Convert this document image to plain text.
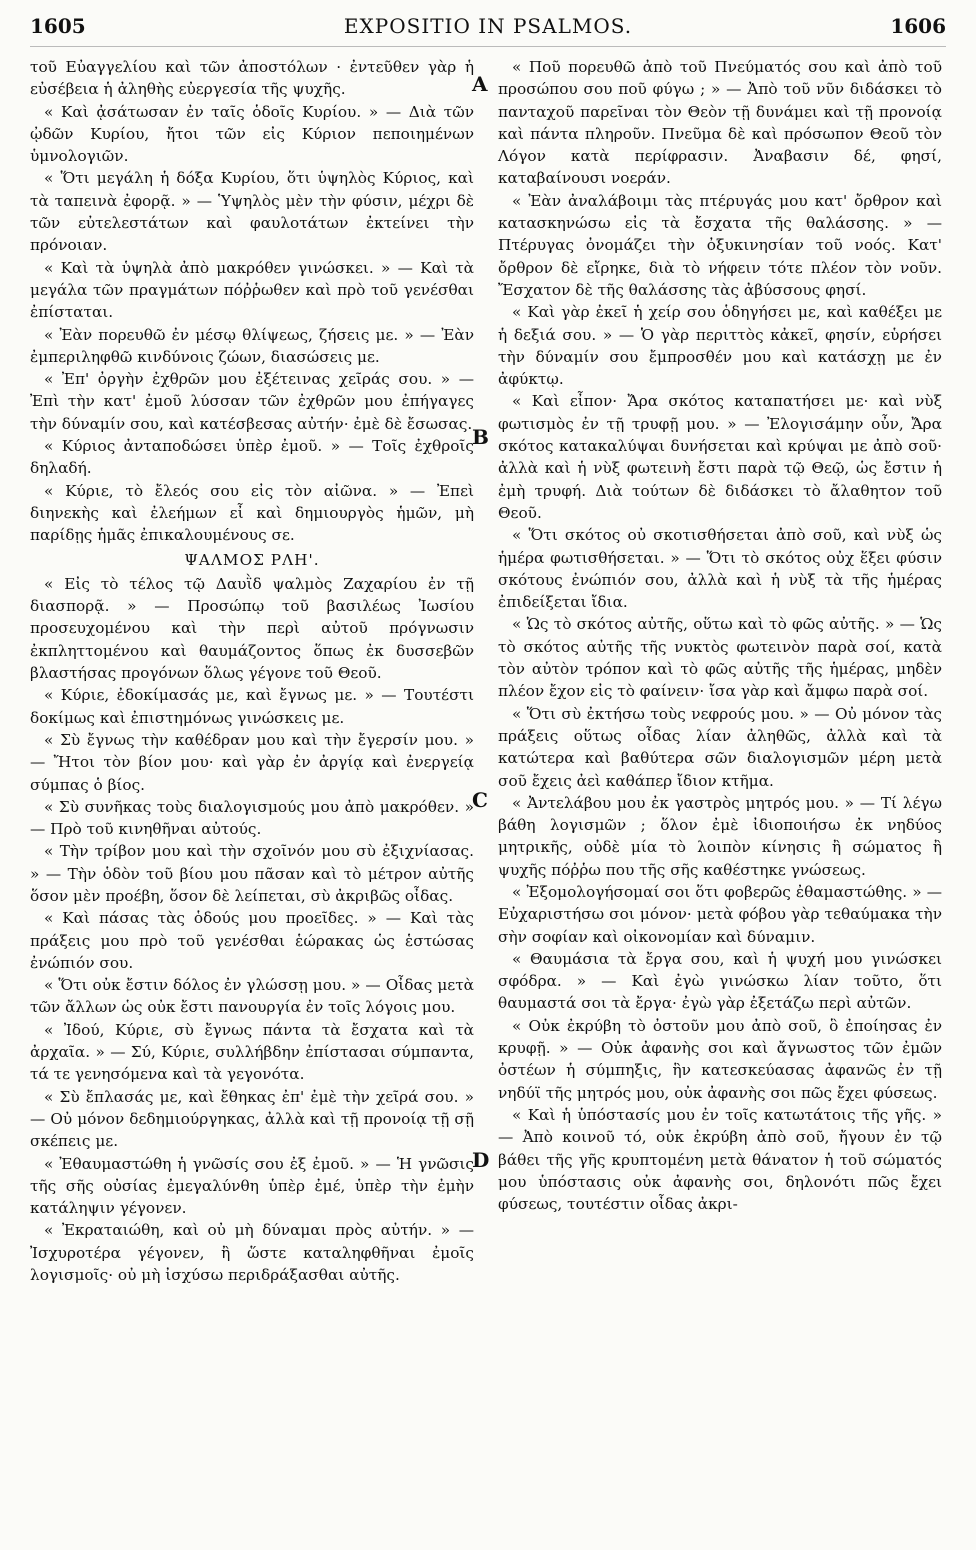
1605	EXPOSITIO IN PSALMOS.	1606

τοῦ Εὐαγγελίου καὶ τῶν ἀποστόλων · ἐντεῦθεν γὰρ ἡ εὐσέβεια ἡ ἀληθὴς εὐεργεσία τῆς ψυχῆς.

« Καὶ ᾀσάτωσαν ἐν ταῖς ὁδοῖς Κυρίου. » — Διὰ τῶν ᾠδῶν Κυρίου, ἤτοι τῶν εἰς Κύριον πεποιημένων ὑμνολογιῶν.

« Ὅτι μεγάλη ἡ δόξα Κυρίου, ὅτι ὑψηλὸς Κύριος, καὶ τὰ ταπεινὰ ἐφορᾷ. » — Ὑψηλὸς μὲν τὴν φύσιν, μέχρι δὲ τῶν εὐτελεστάτων καὶ φαυλοτάτων ἐκτείνει τὴν πρόνοιαν.

« Καὶ τὰ ὑψηλὰ ἀπὸ μακρόθεν γινώσκει. » — Καὶ τὰ μεγάλα τῶν πραγμάτων πόῤῥωθεν καὶ πρὸ τοῦ γενέσθαι ἐπίσταται.

« Ἐὰν πορευθῶ ἐν μέσῳ θλίψεως, ζήσεις με. » — Ἐὰν ἐμπεριληφθῶ κινδύνοις ζώων, διασώσεις με.

« Ἐπ' ὀργὴν ἐχθρῶν μου ἐξέτεινας χεῖράς σου. » — Ἐπὶ τὴν κατ' ἐμοῦ λύσσαν τῶν ἐχθρῶν μου ἐπήγαγες τὴν δύναμίν σου, καὶ κατέσβεσας αὐτήν· ἐμὲ δὲ ἔσωσας.

« Κύριος ἀνταποδώσει ὑπὲρ ἐμοῦ. » — Τοῖς ἐχθροῖς δηλαδή.

« Κύριε, τὸ ἔλεός σου εἰς τὸν αἰῶνα. » — Ἐπεὶ διηνεκὴς καὶ ἐλεήμων εἶ καὶ δημιουργὸς ἡμῶν, μὴ παρίδῃς ἡμᾶς ἐπικαλουμένους σε.

ΨΑΛΜΟΣ ΡΛΗ'.

« Εἰς τὸ τέλος τῷ Δαυῒδ ψαλμὸς Ζαχαρίου ἐν τῇ διασπορᾷ. » — Προσώπῳ τοῦ βασιλέως Ἰωσίου προσευχομένου καὶ τὴν περὶ αὐτοῦ πρόγνωσιν ἐκπληττομένου καὶ θαυμάζοντος ὅπως ἐκ δυσσεβῶν βλαστήσας προγόνων ὅλως γέγονε τοῦ Θεοῦ.

« Κύριε, ἐδοκίμασάς με, καὶ ἔγνως με. » — Τουτέστι δοκίμως καὶ ἐπιστημόνως γινώσκεις με.

« Σὺ ἔγνως τὴν καθέδραν μου καὶ τὴν ἔγερσίν μου. » — Ἤτοι τὸν βίον μου· καὶ γὰρ ἐν ἀργίᾳ καὶ ἐνεργείᾳ σύμπας ὁ βίος.

« Σὺ συνῆκας τοὺς διαλογισμούς μου ἀπὸ μακρόθεν. » — Πρὸ τοῦ κινηθῆναι αὐτούς.

« Τὴν τρίβον μου καὶ τὴν σχοῖνόν μου σὺ ἐξιχνίασας. » — Τὴν ὁδὸν τοῦ βίου μου πᾶσαν καὶ τὸ μέτρον αὐτῆς ὅσον μὲν προέβη, ὅσον δὲ λείπεται, σὺ ἀκριβῶς οἶδας.

« Καὶ πάσας τὰς ὁδούς μου προεῖδες. » — Καὶ τὰς πράξεις μου πρὸ τοῦ γενέσθαι ἑώρακας ὡς ἑστώσας ἐνώπιόν σου.

« Ὅτι οὐκ ἔστιν δόλος ἐν γλώσσῃ μου. » — Οἶδας μετὰ τῶν ἄλλων ὡς οὐκ ἔστι πανουργία ἐν τοῖς λόγοις μου.

« Ἰδού, Κύριε, σὺ ἔγνως πάντα τὰ ἔσχατα καὶ τὰ ἀρχαῖα. » — Σύ, Κύριε, συλλήβδην ἐπίστασαι σύμπαντα, τά τε γενησόμενα καὶ τὰ γεγονότα.

« Σὺ ἔπλασάς με, καὶ ἔθηκας ἐπ' ἐμὲ τὴν χεῖρά σου. » — Οὐ μόνον δεδημιούργηκας, ἀλλὰ καὶ τῇ προνοίᾳ τῇ σῇ σκέπεις με.

« Ἐθαυμαστώθη ἡ γνῶσίς σου ἐξ ἐμοῦ. » — Ἡ γνῶσις τῆς σῆς οὐσίας ἐμεγαλύνθη ὑπὲρ ἐμέ, ὑπὲρ τὴν ἐμὴν κατάληψιν γέγονεν.

« Ἐκραταιώθη, καὶ οὐ μὴ δύναμαι πρὸς αὐτήν. » — Ἰσχυροτέρα γέγονεν, ἢ ὥστε καταληφθῆναι ἐμοῖς λογισμοῖς· οὐ μὴ ἰσχύσω περιδράξασθαι αὐτῆς.

A
B
C
D

« Ποῦ πορευθῶ ἀπὸ τοῦ Πνεύματός σου καὶ ἀπὸ τοῦ προσώπου σου ποῦ φύγω ; » — Ἀπὸ τοῦ νῦν διδάσκει τὸ πανταχοῦ παρεῖναι τὸν Θεὸν τῇ δυνάμει καὶ τῇ προνοίᾳ καὶ πάντα πληροῦν. Πνεῦμα δὲ καὶ πρόσωπον Θεοῦ τὸν Λόγον κατὰ περίφρασιν. Ἀναβασιν δέ, φησί, καταβαίνουσι νοεράν.

« Ἐὰν ἀναλάβοιμι τὰς πτέρυγάς μου κατ' ὄρθρον καὶ κατασκηνώσω εἰς τὰ ἔσχατα τῆς θαλάσσης. » — Πτέρυγας ὀνομάζει τὴν ὀξυκινησίαν τοῦ νοός. Κατ' ὄρθρον δὲ εἴρηκε, διὰ τὸ νήφειν τότε πλέον τὸν νοῦν. Ἔσχατον δὲ τῆς θαλάσσης τὰς ἀβύσσους φησί.

« Καὶ γὰρ ἐκεῖ ἡ χείρ σου ὁδηγήσει με, καὶ καθέξει με ἡ δεξιά σου. » — Ὁ γὰρ περιττὸς κἀκεῖ, φησίν, εὑρήσει τὴν δύναμίν σου ἔμπροσθέν μου καὶ κατάσχῃ με ἐν ἀφύκτῳ.

« Καὶ εἶπον· Ἄρα σκότος καταπατήσει με· καὶ νὺξ φωτισμὸς ἐν τῇ τρυφῇ μου. » — Ἐλογισάμην οὖν, Ἄρα σκότος κατακαλύψαι δυνήσεται καὶ κρύψαι με ἀπὸ σοῦ· ἀλλὰ καὶ ἡ νὺξ φωτεινὴ ἔστι παρὰ τῷ Θεῷ, ὡς ἔστιν ἡ ἐμὴ τρυφή. Διὰ τούτων δὲ διδάσκει τὸ ἄλαθητον τοῦ Θεοῦ.

« Ὅτι σκότος οὐ σκοτισθήσεται ἀπὸ σοῦ, καὶ νὺξ ὡς ἡμέρα φωτισθήσεται. » — Ὅτι τὸ σκότος οὐχ ἕξει φύσιν σκότους ἐνώπιόν σου, ἀλλὰ καὶ ἡ νὺξ τὰ τῆς ἡμέρας ἐπιδείξεται ἴδια.

« Ὡς τὸ σκότος αὐτῆς, οὕτω καὶ τὸ φῶς αὐτῆς. » — Ὡς τὸ σκότος αὐτῆς τῆς νυκτὸς φωτεινὸν παρὰ σοί, κατὰ τὸν αὐτὸν τρόπον καὶ τὸ φῶς αὐτῆς τῆς ἡμέρας, μηδὲν πλέον ἔχον εἰς τὸ φαίνειν· ἴσα γὰρ καὶ ἄμφω παρὰ σοί.

« Ὅτι σὺ ἐκτήσω τοὺς νεφρούς μου. » — Οὐ μόνον τὰς πράξεις οὕτως οἶδας λίαν ἀληθῶς, ἀλλὰ καὶ τὰ κατώτερα καὶ βαθύτερα σῶν διαλογισμῶν μέρη μετὰ σοῦ ἔχεις ἀεὶ καθάπερ ἴδιον κτῆμα.

« Ἀντελάβου μου ἐκ γαστρὸς μητρός μου. » — Τί λέγω βάθη λογισμῶν ; ὅλον ἐμὲ ἰδιοποιήσω ἐκ νηδύος μητρικῆς, οὐδὲ μία τὸ λοιπὸν κίνησις ἢ σώματος ἢ ψυχῆς πόῤῥω που τῆς σῆς καθέστηκε γνώσεως.

« Ἐξομολογήσομαί σοι ὅτι φοβερῶς ἐθαμαστώθης. » — Εὐχαριστήσω σοι μόνον· μετὰ φόβου γὰρ τεθαύμακα τὴν σὴν σοφίαν καὶ οἰκονομίαν καὶ δύναμιν.

« Θαυμάσια τὰ ἔργα σου, καὶ ἡ ψυχή μου γινώσκει σφόδρα. » — Καὶ ἐγὼ γινώσκω λίαν τοῦτο, ὅτι θαυμαστά σοι τὰ ἔργα· ἐγὼ γὰρ ἐξετάζω περὶ αὐτῶν.

« Οὐκ ἐκρύβη τὸ ὀστοῦν μου ἀπὸ σοῦ, ὃ ἐποίησας ἐν κρυφῇ. » — Οὐκ ἀφανὴς σοι καὶ ἄγνωστος τῶν ἐμῶν ὀστέων ἡ σύμπηξις, ἣν κατεσκεύασας ἀφανῶς ἐν τῇ νηδύϊ τῆς μητρός μου, οὐκ ἀφανὴς σοι πῶς ἔχει φύσεως.

« Καὶ ἡ ὑπόστασίς μου ἐν τοῖς κατωτάτοις τῆς γῆς. » — Ἀπὸ κοινοῦ τό, οὐκ ἐκρύβη ἀπὸ σοῦ, ἤγουν ἐν τῷ βάθει τῆς γῆς κρυπτομένη μετὰ θάνατον ἡ τοῦ σώματός μου ὑπόστασις οὐκ ἀφανὴς σοι, δηλονότι πῶς ἔχει φύσεως, τουτέστιν οἶδας ἀκρι-
